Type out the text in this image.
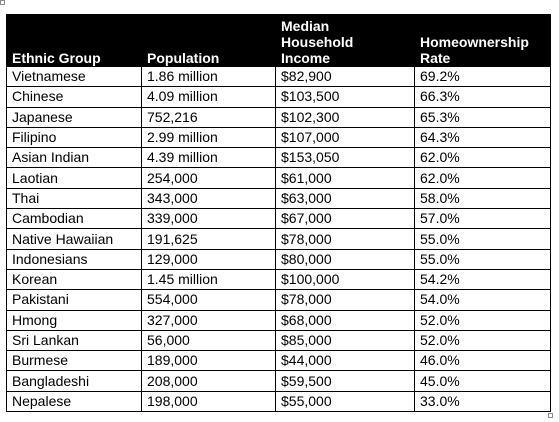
Ethnic Group	Population	Median Household Income	Homeownership Rate

Vietnamese	1.86 million	$82,900	69.2%
Chinese	4.09 million	$103,500	66.3%
Japanese	752,216	$102,300	65.3%
Filipino	2.99 million	$107,000	64.3%
Asian Indian	4.39 million	$153,050	62.0%
Laotian	254,000	$61,000	62.0%
Thai	343,000	$63,000	58.0%
Cambodian	339,000	$67,000	57.0%
Native Hawaiian	191,625	$78,000	55.0%
Indonesians	129,000	$80,000	55.0%
Korean	1.45 million	$100,000	54.2%
Pakistani	554,000	$78,000	54.0%
Hmong	327,000	$68,000	52.0%
Sri Lankan	56,000	$85,000	52.0%
Burmese	189,000	$44,000	46.0%
Bangladeshi	208,000	$59,500	45.0%
Nepalese	198,000	$55,000	33.0%
